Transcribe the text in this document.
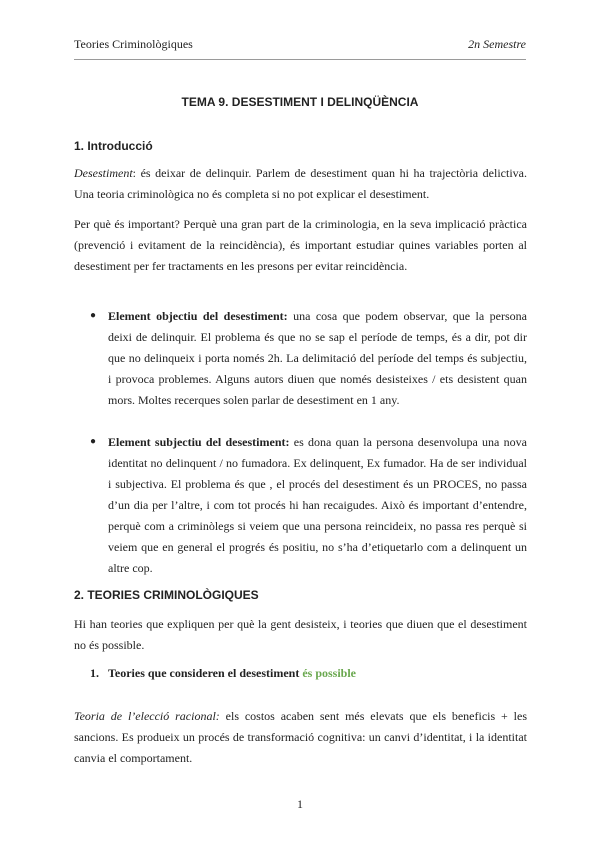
Teories Criminològiques	2n Semestre
TEMA 9. DESESTIMENT I DELINQÜÈNCIA
1. Introducció

Desestiment: és deixar de delinquir. Parlem de desestiment quan hi ha trajectòria delictiva. Una teoria criminològica no és completa si no pot explicar el desestiment.

Per què és important? Perquè una gran part de la criminologia, en la seva implicació pràctica (prevenció i evitament de la reincidència), és important estudiar quines variables porten al desestiment per fer tractaments en les presons per evitar reincidència.

● Element objectiu del desestiment: una cosa que podem observar, que la persona deixi de delinquir. El problema és que no se sap el període de temps, és a dir, pot dir que no delinqueix i porta només 2h. La delimitació del període del temps és subjectiu, i provoca problemes. Alguns autors diuen que només desisteixes / ets desistent quan mors. Moltes recerques solen parlar de desestiment en 1 any.

● Element subjectiu del desestiment: es dona quan la persona desenvolupa una nova identitat no delinquent / no fumadora. Ex delinquent, Ex fumador. Ha de ser individual i subjectiva. El problema és que , el procés del desestiment és un PROCES, no passa d’un dia per l’altre, i com tot procés hi han recaigudes. Això és important d’entendre, perquè com a criminòlegs si veiem que una persona reincideix, no passa res perquè si veiem que en general el progrés és positiu, no s’ha d’etiquetarlo com a delinquent un altre cop.

2. TEORIES CRIMINOLÒGIQUES

Hi han teories que expliquen per què la gent desisteix, i teories que diuen que el desestiment no és possible.

1. Teories que consideren el desestiment és possible

Teoria de l’elecció racional: els costos acaben sent més elevats que els beneficis + les sancions. Es produeix un procés de transformació cognitiva: un canvi d’identitat, i la identitat canvia el comportament.

1
